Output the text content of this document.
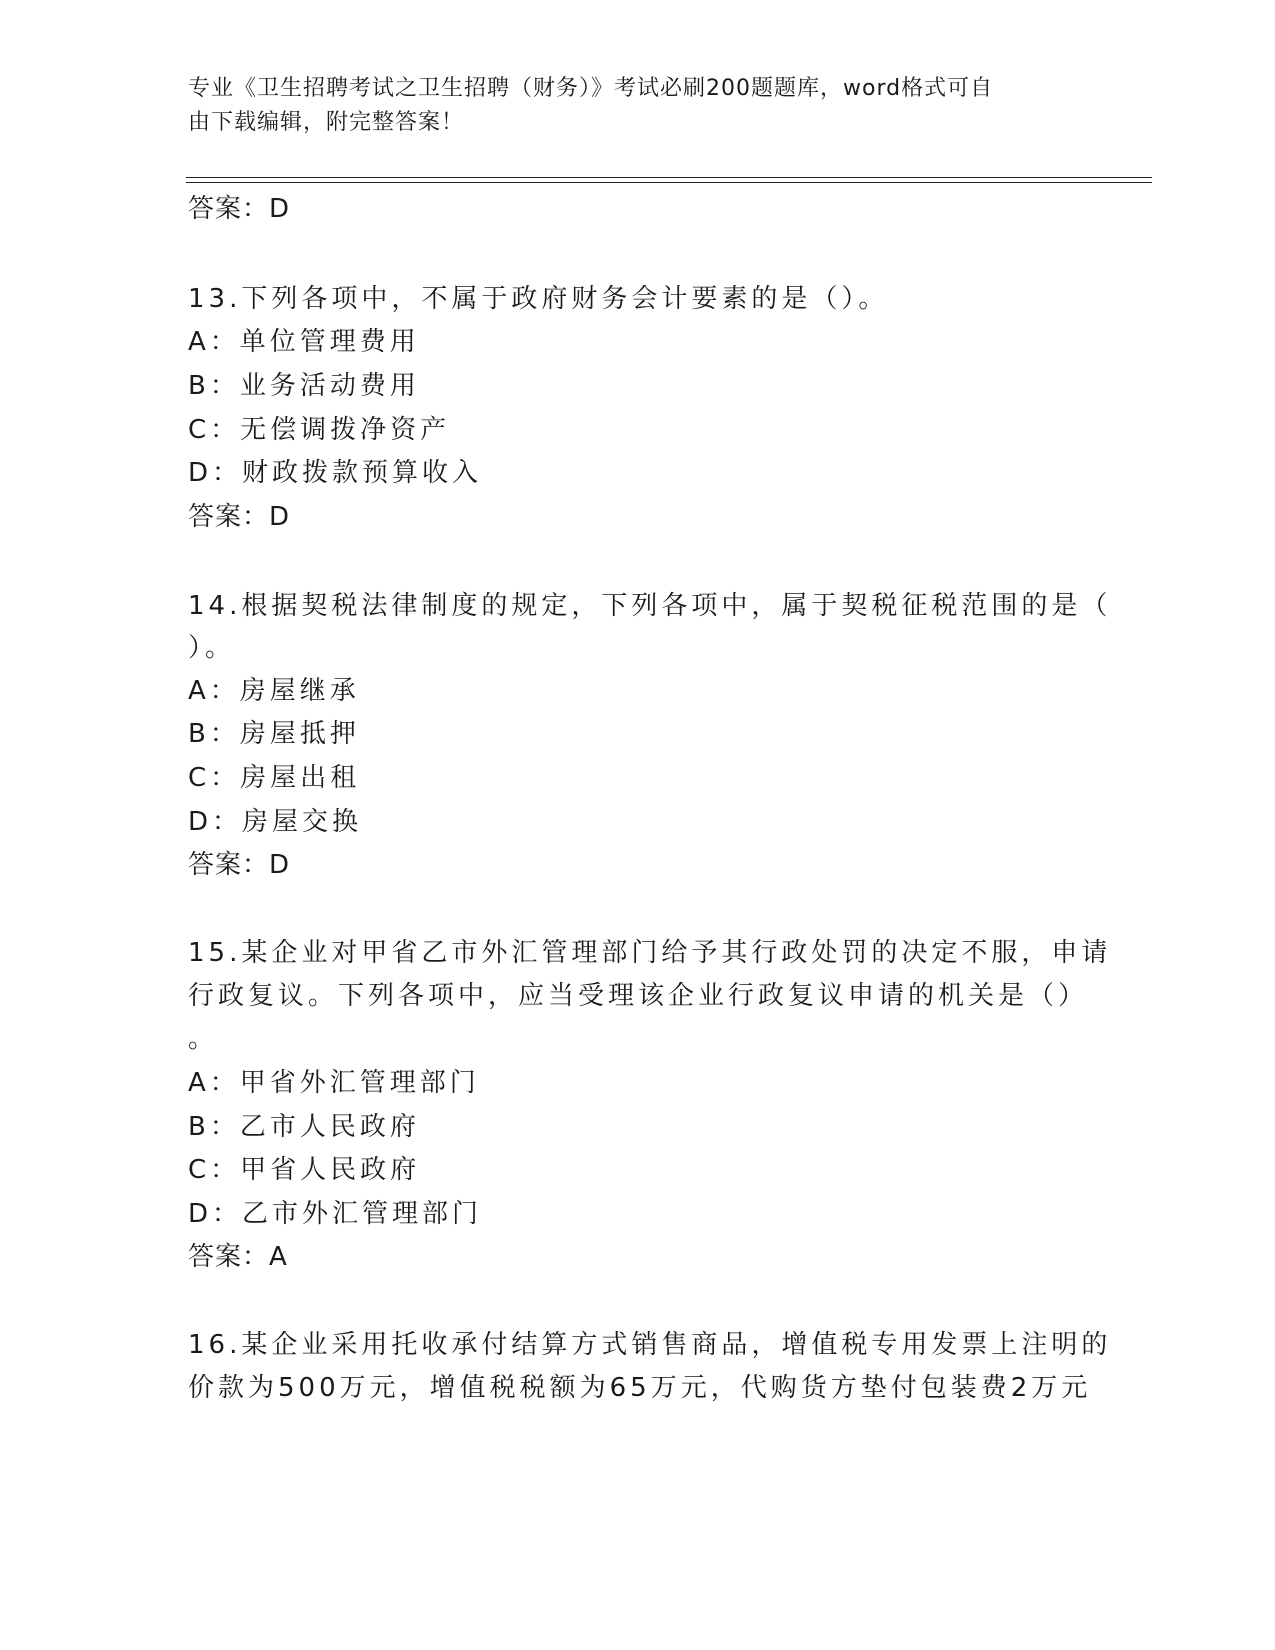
专业《卫生招聘考试之卫生招聘（财务）》考试必刷200题题库，word格式可自
由下载编辑，附完整答案！
答案：D
13.下列各项中，不属于政府财务会计要素的是（）。
A：单位管理费用
B：业务活动费用
C：无偿调拨净资产
D：财政拨款预算收入
答案：D
14.根据契税法律制度的规定，下列各项中，属于契税征税范围的是（
）。
A：房屋继承
B：房屋抵押
C：房屋出租
D：房屋交换
答案：D
15.某企业对甲省乙市外汇管理部门给予其行政处罚的决定不服，申请
行政复议。下列各项中，应当受理该企业行政复议申请的机关是（）
。
A：甲省外汇管理部门
B：乙市人民政府
C：甲省人民政府
D：乙市外汇管理部门
答案：A
16.某企业采用托收承付结算方式销售商品，增值税专用发票上注明的
价款为500万元，增值税税额为65万元，代购货方垫付包装费2万元
